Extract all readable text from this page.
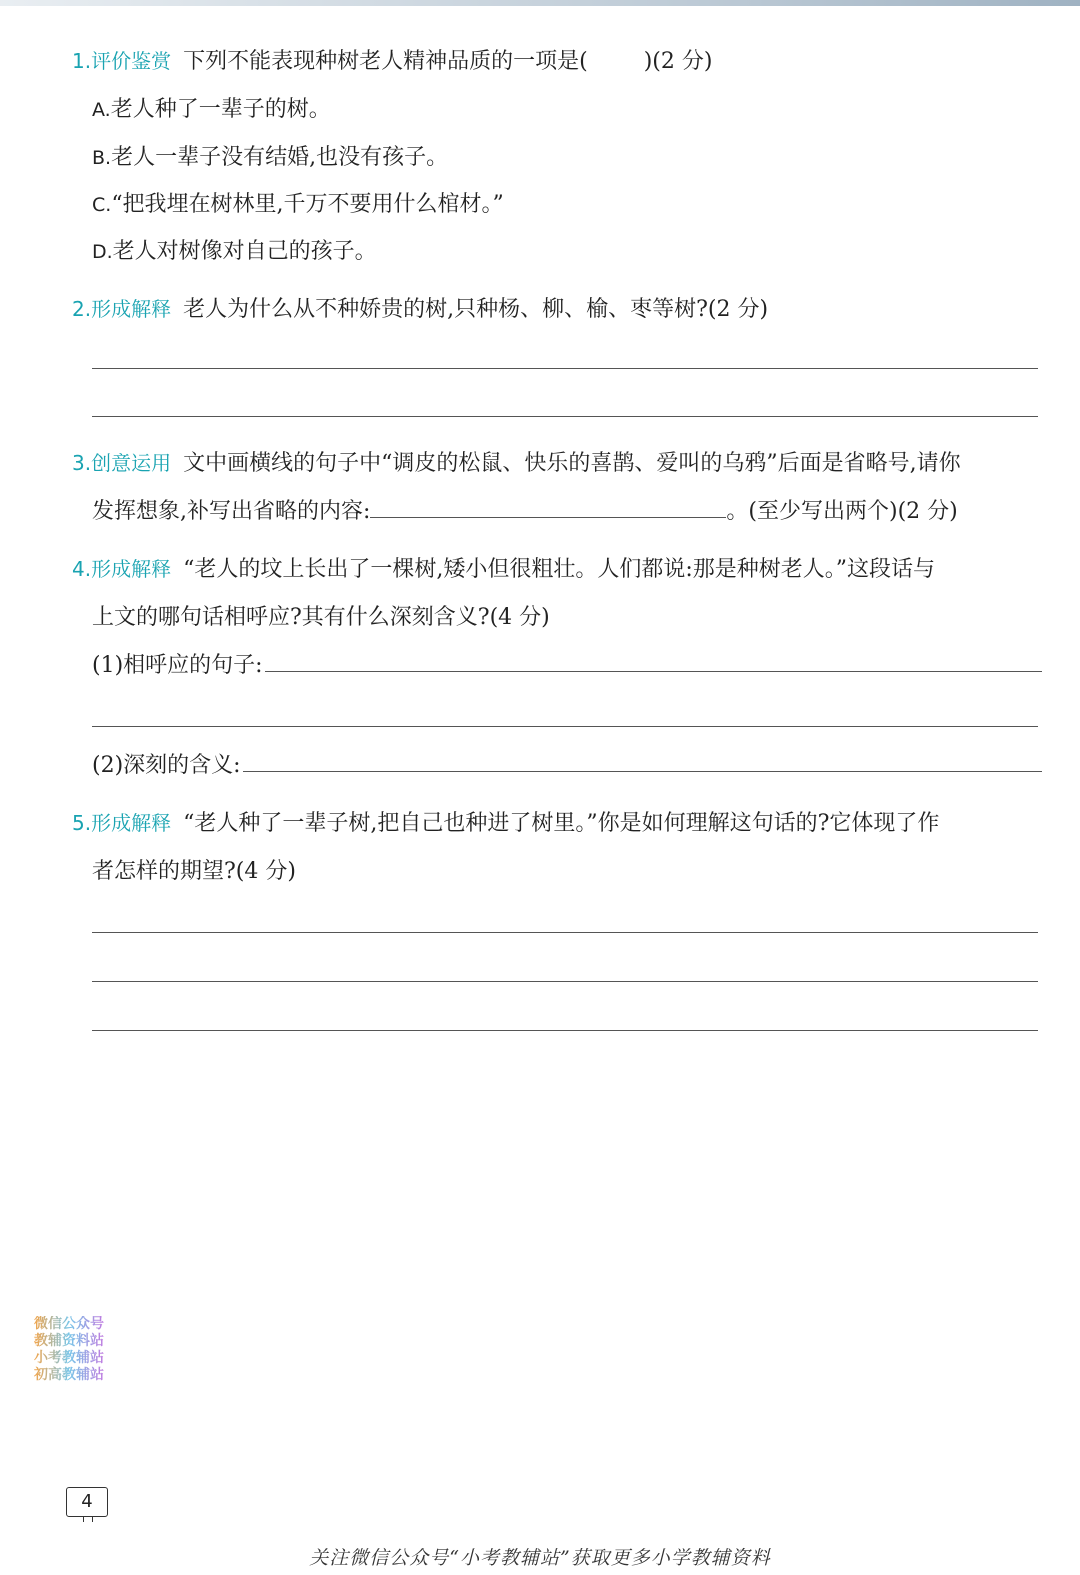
1. 评价鉴赏 下列不能表现种树老人精神品质的一项是(	)(2 分)
A.老人种了一辈子的树。
B.老人一辈子没有结婚,也没有孩子。
C.“把我埋在树林里,千万不要用什么棺材。”
D.老人对树像对自己的孩子。
2. 形成解释 老人为什么从不种娇贵的树,只种杨、柳、榆、枣等树?(2 分)
3. 创意运用 文中画横线的句子中“调皮的松鼠、快乐的喜鹊、爱叫的乌鸦”后面是省略号,请你
发挥想象,补写出省略的内容:	。(至少写出两个)(2 分)
4. 形成解释 “老人的坟上长出了一棵树,矮小但很粗壮。人们都说:那是种树老人。”这段话与
上文的哪句话相呼应?其有什么深刻含义?(4 分)
(1)相呼应的句子:
(2)深刻的含义:
5. 形成解释 “老人种了一辈子树,把自己也种进了树里。”你是如何理解这句话的?它体现了作
者怎样的期望?(4 分)
微信公众号
教辅资料站
小考教辅站
初高教辅站
4
关注微信公众号“小考教辅站”获取更多小学教辅资料
